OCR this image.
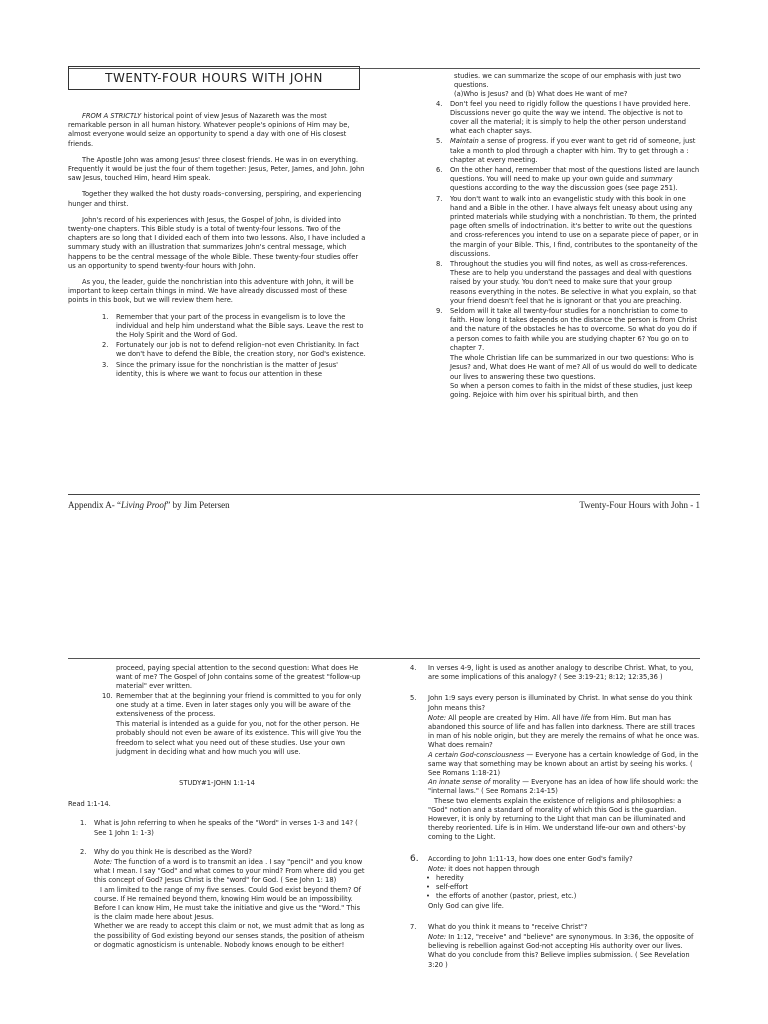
TWENTY-FOUR HOURS WITH JOHN

FROM A STRICTLY historical point of view Jesus of Nazareth was the most remarkable person in all human history. Whatever people's opinions of Him may be, almost everyone would seize an opportunity to spend a day with one of His closest friends.

The Apostle John was among Jesus' three closest friends. He was in on everything. Frequently it would be just the four of them together: Jesus, Peter, James, and John. John saw Jesus, touched Him, heard Him speak.

Together they walked the hot dusty roads–conversing, perspiring, and experiencing hunger and thirst.

John's record of his experiences with Jesus, the Gospel of John, is divided into twenty-one chapters. This Bible study is a total of twenty-four lessons. Two of the chapters are so long that I divided each of them into two lessons. Also, I have included a summary study with an illustration that summarizes John's central message, which happens to be the central message of the whole Bible. These twenty-four studies offer us an opportunity to spend twenty-four hours with John.

As you, the leader, guide the nonchristian into this adventure with John, it will be important to keep certain things in mind. We have already discussed most of these points in this book, but we will review them here.

1. Remember that your part of the process in evangelism is to love the individual and help him understand what the Bible says. Leave the rest to the Holy Spirit and the Word of God.
2. Fortunately our job is not to defend religion–not even Christianity. In fact we don't have to defend the Bible, the creation story, nor God's existence.
3. Since the primary issue for the nonchristian is the matter of Jesus' identity, this is where we want to focus our attention in these
studies. we can summarize the scope of our emphasis with just two questions.
(a)Who is Jesus? and (b) What does He want of me?
4. Don't feel you need to rigidly follow the questions I have provided here. Discussions never go quite the way we intend. The objective is not to cover all the material; it is simply to help the other person understand what each chapter says.
5. Maintain a sense of progress. if you ever want to get rid of someone, just take a month to plod through a chapter with him. Try to get through a : chapter at every meeting.
6. On the other hand, remember that most of the questions listed are launch questions. You will need to make up your own guide and summary questions according to the way the discussion goes (see page 251).
7. You don't want to walk into an evangelistic study with this book in one hand and a Bible in the other. I have always felt uneasy about using any printed materials while studying with a nonchristian. To them, the printed page often smells of indoctrination. it's better to write out the questions and cross-references you intend to use on a separate piece of paper, or in the margin of your Bible. This, I find, contributes to the spontaneity of the discussions.
8. Throughout the studies you will find notes, as well as cross-references. These are to help you understand the passages and deal with questions raised by your study. You don't need to make sure that your group reasons everything in the notes. Be selective in what you explain, so that your friend doesn't feel that he is ignorant or that you are preaching.
9. Seldom will it take all twenty-four studies for a nonchristian to come to faith. How long it takes depends on the distance the person is from Christ and the nature of the obstacles he has to overcome. So what do you do if a person comes to faith while you are studying chapter 6? You go on to chapter 7.
The whole Christian life can be summarized in our two questions: Who is Jesus? and, What does He want of me? All of us would do well to dedicate our lives to answering these two questions.
So when a person comes to faith in the midst of these studies, just keep going. Rejoice with him over his spiritual birth, and then
Appendix A- “Living Proof” by Jim Petersen	Twenty-Four Hours with John - 1
proceed, paying special attention to the second question: What does He want of me? The Gospel of John contains some of the greatest "follow-up material" ever written.
10. Remember that at the beginning your friend is committed to you for only one study at a time. Even in later stages only you will be aware of the extensiveness of the process.
This material is intended as a guide for you, not for the other person. He probably should not even be aware of its existence. This will give You the freedom to select what you need out of these studies. Use your own judgment in deciding what and how much you will use.
STUDY#1-JOHN 1:1-14
Read 1:1-14.
1. What is John referring to when he speaks of the "Word" in verses 1-3 and 14? ( See 1 John 1: 1-3)
2. Why do you think He is described as the Word?
Note: The function of a word is to transmit an idea . I say "pencil" and you know what I mean. I say "God" and what comes to your mind? From where did you get this concept of God? Jesus Christ is the "word" for God. ( See John 1: 18)
I am limited to the range of my five senses. Could God exist beyond them? Of course. If He remained beyond them, knowing Him would be an impossibility. Before I can know Him, He must take the initiative and give us the "Word." This is the claim made here about Jesus.
Whether we are ready to accept this claim or not, we must admit that as long as the possibility of God existing beyond our senses stands, the position of atheism or dogmatic agnosticism is untenable. Nobody knows enough to be either!
4. In verses 4-9, light is used as another analogy to describe Christ. What, to you, are some implications of this analogy? ( See 3:19-21; 8:12; 12:35,36 )
5. John 1:9 says every person is illuminated by Christ. In what sense do you think John means this?
Note: All people are created by Him. All have life from Him. But man has abandoned this source of life and has fallen into darkness. There are still traces in man of his noble origin, but they are merely the remains of what he once was. What does remain?
A certain God-consciousness — Everyone has a certain knowledge of God, in the same way that something may be known about an artist by seeing his works. ( See Romans 1:18-21)
An innate sense of morality — Everyone has an idea of how life should work: the "internal laws." ( See Romans 2:14-15)
These two elements explain the existence of religions and philosophies: a "God" notion and a standard of morality of which this God is the guardian. However, it is only by returning to the Light that man can be illuminated and thereby reoriented. Life is in Him. We understand life-our own and others'-by coming to the Light.
6. According to John 1:11-13, how does one enter God's family?
Note: it does not happen through
• heredity
• self-effort
• the efforts of another (pastor, priest, etc.)
Only God can give life.
7. What do you think it means to "receive Christ"?
Note: In 1:12, "receive" and "believe" are synonymous. In 3:36, the opposite of believing is rebellion against God-not accepting His authority over our lives. What do you conclude from this? Believe implies submission. ( See Revelation 3:20 )
